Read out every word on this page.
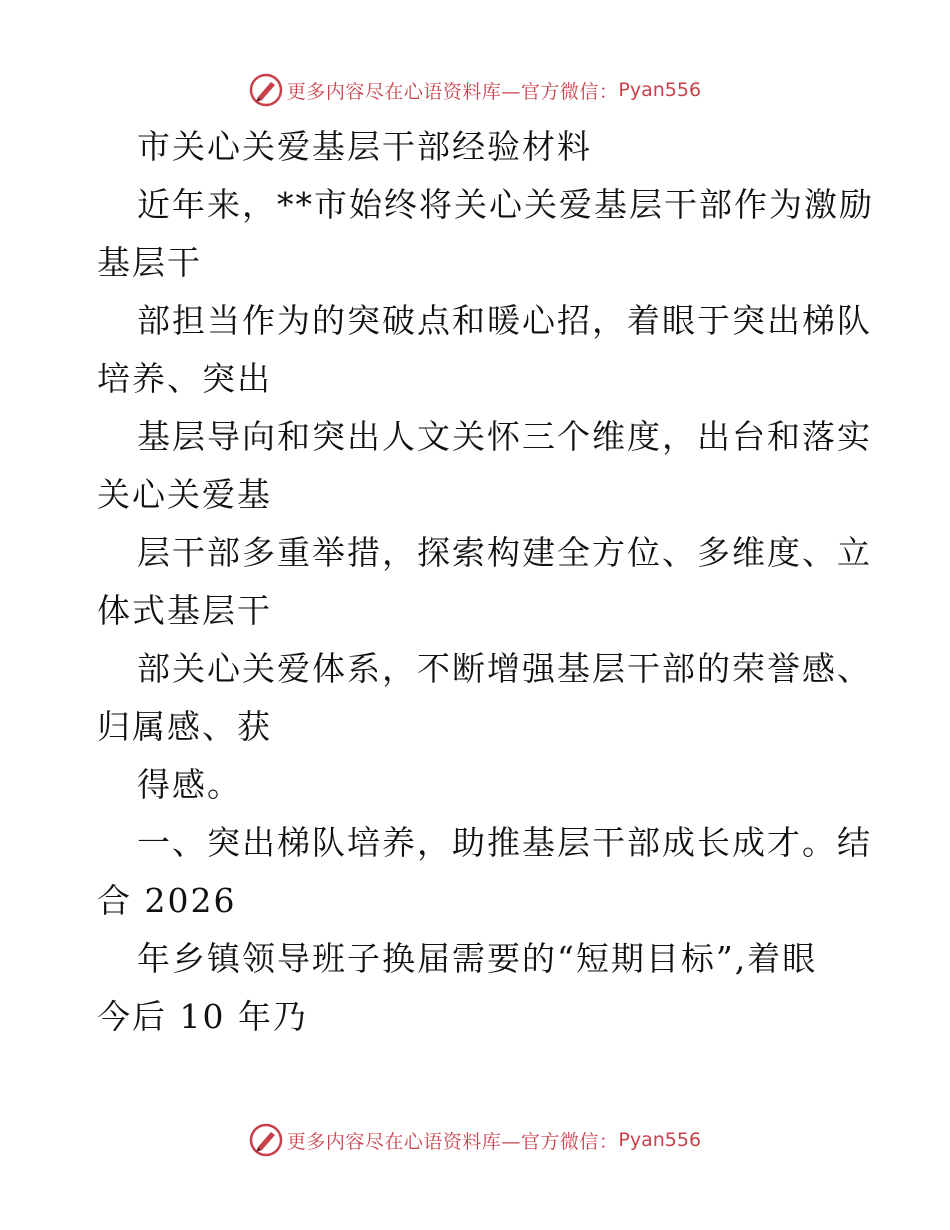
更多内容尽在心语资料库—官方微信： Pyan556
市关心关爱基层干部经验材料
近年来，**市始终将关心关爱基层干部作为激励
基层干
部担当作为的突破点和暖心招，着眼于突出梯队
培养、突出
基层导向和突出人文关怀三个维度，出台和落实
关心关爱基
层干部多重举措，探索构建全方位、多维度、立
体式基层干
部关心关爱体系，不断增强基层干部的荣誉感、
归属感、获
得感。
一、突出梯队培养，助推基层干部成长成才。结
合 2026
年乡镇领导班子换届需要的“短期目标”,着眼
今后 10 年乃
更多内容尽在心语资料库—官方微信： Pyan556
